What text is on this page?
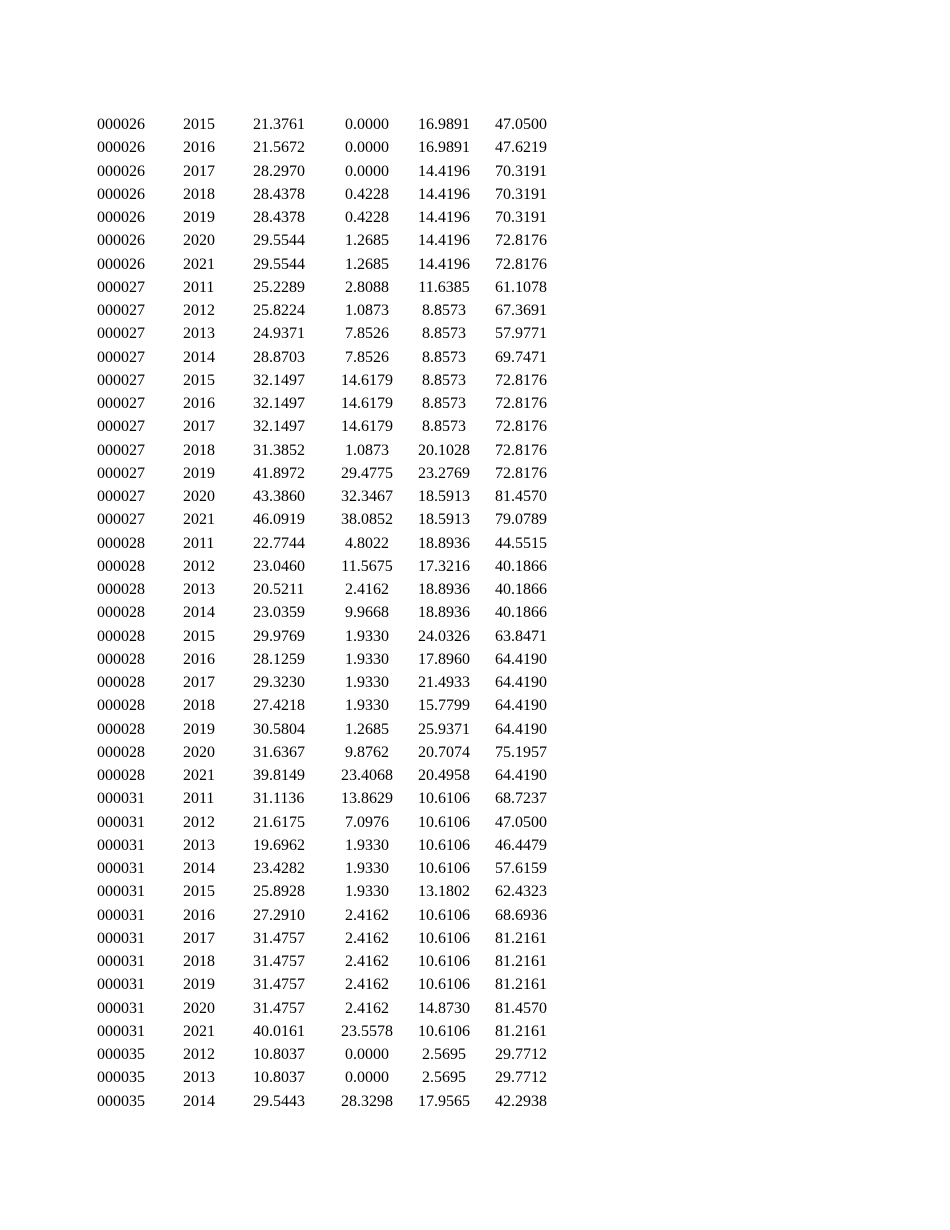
000026	2015	21.3761	0.0000	16.9891	47.0500
000026	2016	21.5672	0.0000	16.9891	47.6219
000026	2017	28.2970	0.0000	14.4196	70.3191
000026	2018	28.4378	0.4228	14.4196	70.3191
000026	2019	28.4378	0.4228	14.4196	70.3191
000026	2020	29.5544	1.2685	14.4196	72.8176
000026	2021	29.5544	1.2685	14.4196	72.8176
000027	2011	25.2289	2.8088	11.6385	61.1078
000027	2012	25.8224	1.0873	8.8573	67.3691
000027	2013	24.9371	7.8526	8.8573	57.9771
000027	2014	28.8703	7.8526	8.8573	69.7471
000027	2015	32.1497	14.6179	8.8573	72.8176
000027	2016	32.1497	14.6179	8.8573	72.8176
000027	2017	32.1497	14.6179	8.8573	72.8176
000027	2018	31.3852	1.0873	20.1028	72.8176
000027	2019	41.8972	29.4775	23.2769	72.8176
000027	2020	43.3860	32.3467	18.5913	81.4570
000027	2021	46.0919	38.0852	18.5913	79.0789
000028	2011	22.7744	4.8022	18.8936	44.5515
000028	2012	23.0460	11.5675	17.3216	40.1866
000028	2013	20.5211	2.4162	18.8936	40.1866
000028	2014	23.0359	9.9668	18.8936	40.1866
000028	2015	29.9769	1.9330	24.0326	63.8471
000028	2016	28.1259	1.9330	17.8960	64.4190
000028	2017	29.3230	1.9330	21.4933	64.4190
000028	2018	27.4218	1.9330	15.7799	64.4190
000028	2019	30.5804	1.2685	25.9371	64.4190
000028	2020	31.6367	9.8762	20.7074	75.1957
000028	2021	39.8149	23.4068	20.4958	64.4190
000031	2011	31.1136	13.8629	10.6106	68.7237
000031	2012	21.6175	7.0976	10.6106	47.0500
000031	2013	19.6962	1.9330	10.6106	46.4479
000031	2014	23.4282	1.9330	10.6106	57.6159
000031	2015	25.8928	1.9330	13.1802	62.4323
000031	2016	27.2910	2.4162	10.6106	68.6936
000031	2017	31.4757	2.4162	10.6106	81.2161
000031	2018	31.4757	2.4162	10.6106	81.2161
000031	2019	31.4757	2.4162	10.6106	81.2161
000031	2020	31.4757	2.4162	14.8730	81.4570
000031	2021	40.0161	23.5578	10.6106	81.2161
000035	2012	10.8037	0.0000	2.5695	29.7712
000035	2013	10.8037	0.0000	2.5695	29.7712
000035	2014	29.5443	28.3298	17.9565	42.2938
